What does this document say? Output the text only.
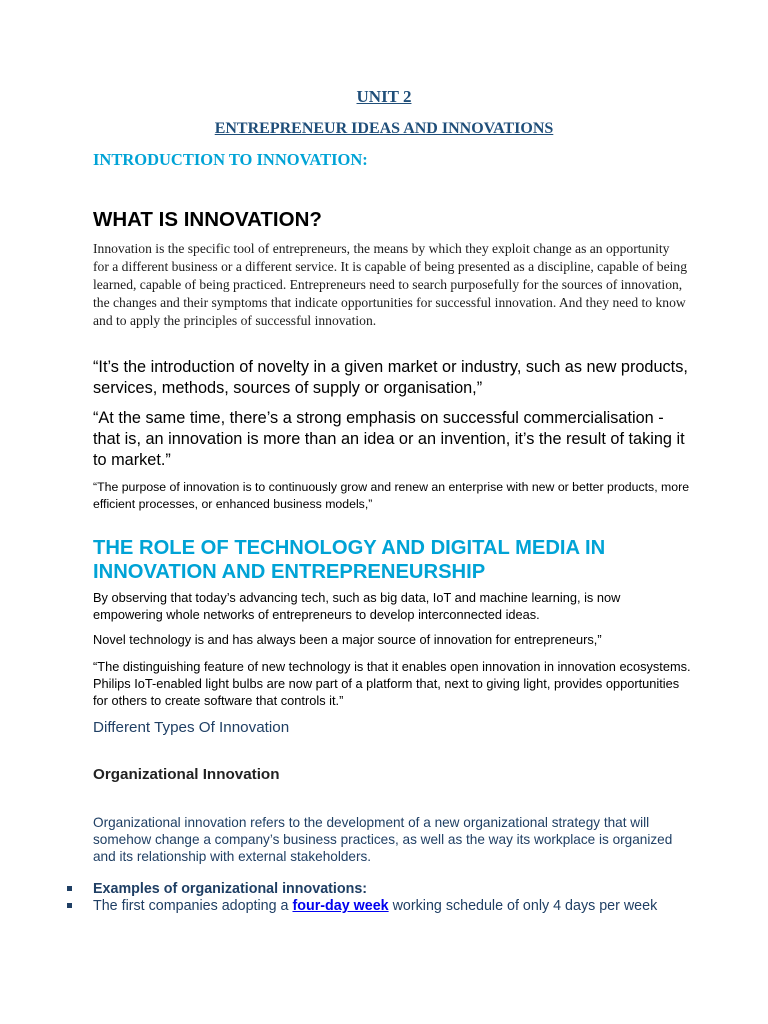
UNIT 2
ENTREPRENEUR IDEAS AND INNOVATIONS
INTRODUCTION TO INNOVATION:
WHAT IS INNOVATION?
Innovation is the specific tool of entrepreneurs, the means by which they exploit change as an opportunity for a different business or a different service. It is capable of being presented as a discipline, capable of being learned, capable of being practiced. Entrepreneurs need to search purposefully for the sources of innovation, the changes and their symptoms that indicate opportunities for successful innovation. And they need to know and to apply the principles of successful innovation.
“It’s the introduction of novelty in a given market or industry, such as new products, services, methods, sources of supply or organisation,”
“At the same time, there’s a strong emphasis on successful commercialisation - that is, an innovation is more than an idea or an invention, it’s the result of taking it to market.”
“The purpose of innovation is to continuously grow and renew an enterprise with new or better products, more efficient processes, or enhanced business models,”
THE ROLE OF TECHNOLOGY AND DIGITAL MEDIA IN INNOVATION AND ENTREPRENEURSHIP
By observing that today’s advancing tech, such as big data, IoT and machine learning, is now empowering whole networks of entrepreneurs to develop interconnected ideas.
Novel technology is and has always been a major source of innovation for entrepreneurs,”
“The distinguishing feature of new technology is that it enables open innovation in innovation ecosystems. Philips IoT-enabled light bulbs are now part of a platform that, next to giving light, provides opportunities for others to create software that controls it.”
Different Types Of Innovation
Organizational Innovation
Organizational innovation refers to the development of a new organizational strategy that will somehow change a company’s business practices, as well as the way its workplace is organized and its relationship with external stakeholders.
Examples of organizational innovations:
The first companies adopting a four-day week working schedule of only 4 days per week
